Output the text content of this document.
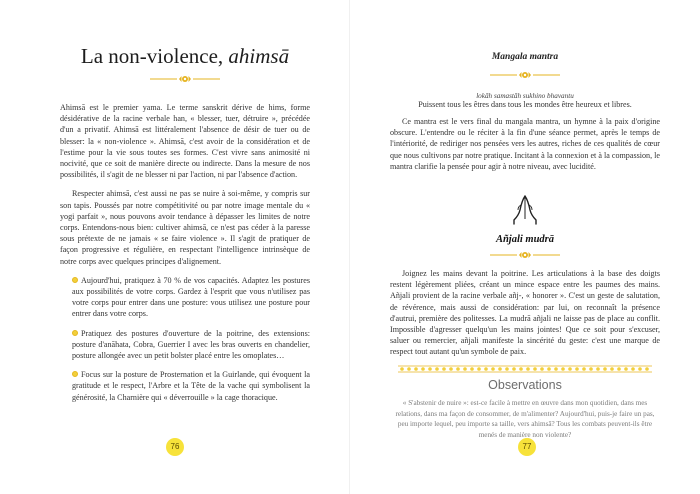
La non-violence, ahimsā

Ahimsā est le premier yama. Le terme sanskrit dérive de hims, forme désidérative de la racine verbale han, « blesser, tuer, détruire », précédée d'un a privatif. Ahimsā est littéralement l'absence de désir de tuer ou de blesser: la « non-violence ». Ahimsā, c'est avoir de la considération et de l'estime pour la vie sous toutes ses formes. C'est vivre sans animosité ni nocivité, que ce soit de manière directe ou indirecte. Dans la mesure de nos possibilités, il s'agit de ne blesser ni par l'action, ni par l'absence d'action.

Respecter ahimsā, c'est aussi ne pas se nuire à soi-même, y compris sur son tapis. Poussés par notre compétitivité ou par notre image mentale du « yogi parfait », nous pouvons avoir tendance à dépasser les limites de notre corps. Entendons-nous bien: cultiver ahimsā, ce n'est pas céder à la paresse sous prétexte de ne jamais « se faire violence ». Il s'agit de pratiquer de façon progressive et régulière, en respectant l'intelligence intrinsèque de notre corps avec quelques principes d'alignement.

Aujourd'hui, pratiquez à 70 % de vos capacités. Adaptez les postures aux possibilités de votre corps. Gardez à l'esprit que vous n'utilisez pas votre corps pour entrer dans une posture: vous utilisez une posture pour entrer dans votre corps.
Pratiquez des postures d'ouverture de la poitrine, des extensions: posture d'anāhata, Cobra, Guerrier I avec les bras ouverts en chandelier, posture allongée avec un petit bolster placé entre les omoplates…
Focus sur la posture de Prosternation et la Guirlande, qui évoquent la gratitude et le respect, l'Arbre et la Tête de la vache qui symbolisent la générosité, la Charnière qui « déverrouille » la cage thoracique.
76
Mangala mantra
lokāh samastāh sukhino bhavantu
Puissent tous les êtres dans tous les mondes être heureux et libres.

Ce mantra est le vers final du mangala mantra, un hymne à la paix d'origine obscure. L'entendre ou le réciter à la fin d'une séance permet, après le temps de l'intériorité, de rediriger nos pensées vers les autres, riches de ces qualités de cœur que nous cultivons par notre pratique. Incitant à la connexion et à la compassion, le mantra clarifie la pensée pour agir à notre niveau, avec lucidité.

Añjali mudrā

Joignez les mains devant la poitrine. Les articulations à la base des doigts restent légèrement pliées, créant un mince espace entre les paumes des mains. Añjali provient de la racine verbale añj-, « honorer ». C'est un geste de salutation, de révérence, mais aussi de considération: par lui, on reconnaît la présence d'autrui, première des politesses. La mudrā añjali ne laisse pas de place au conflit. Impossible d'agresser quelqu'un les mains jointes! Que ce soit pour s'excuser, saluer ou remercier, añjali manifeste la sincérité du geste: c'est une marque de respect tout autant qu'un symbole de paix.

Observations
« S'abstenir de nuire »: est-ce facile à mettre en œuvre dans mon quotidien, dans mes relations, dans ma façon de consommer, de m'alimenter? Aujourd'hui, puis-je faire un pas, peu importe lequel, peu importe sa taille, vers ahimsā? Tous les combats peuvent-ils être menés de manière non violente?
77
